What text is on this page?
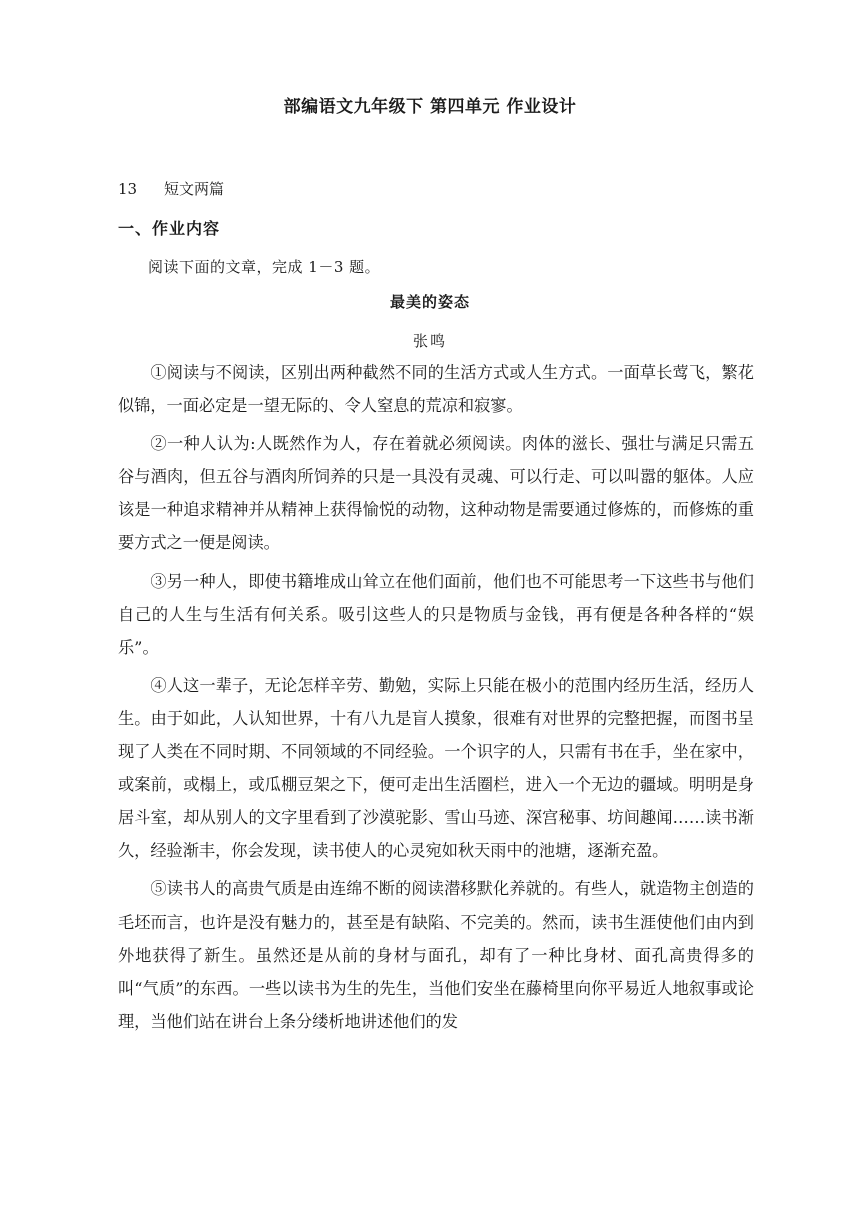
部编语文九年级下 第四单元 作业设计
13 短文两篇
一、作业内容

阅读下面的文章，完成 1－3 题。

最美的姿态

张鸣

①阅读与不阅读，区别出两种截然不同的生活方式或人生方式。一面草长莺飞，繁花似锦，一面必定是一望无际的、令人窒息的荒凉和寂寥。

②一种人认为:人既然作为人，存在着就必须阅读。肉体的滋长、强壮与满足只需五谷与酒肉，但五谷与酒肉所饲养的只是一具没有灵魂、可以行走、可以叫嚣的躯体。人应该是一种追求精神并从精神上获得愉悦的动物，这种动物是需要通过修炼的，而修炼的重要方式之一便是阅读。

③另一种人，即使书籍堆成山耸立在他们面前，他们也不可能思考一下这些书与他们自己的人生与生活有何关系。吸引这些人的只是物质与金钱，再有便是各种各样的“娱乐”。

④人这一辈子，无论怎样辛劳、勤勉，实际上只能在极小的范围内经历生活，经历人生。由于如此，人认知世界，十有八九是盲人摸象，很难有对世界的完整把握，而图书呈现了人类在不同时期、不同领域的不同经验。一个识字的人，只需有书在手，坐在家中，或案前，或榻上，或瓜棚豆架之下，便可走出生活圈栏，进入一个无边的疆域。明明是身居斗室，却从别人的文字里看到了沙漠驼影、雪山马迹、深宫秘事、坊间趣闻……读书渐久，经验渐丰，你会发现，读书使人的心灵宛如秋天雨中的池塘，逐渐充盈。

⑤读书人的高贵气质是由连绵不断的阅读潜移默化养就的。有些人，就造物主创造的毛坯而言，也许是没有魅力的，甚至是有缺陷、不完美的。然而，读书生涯使他们由内到外地获得了新生。虽然还是从前的身材与面孔，却有了一种比身材、面孔高贵得多的叫“气质”的东西。一些以读书为生的先生，当他们安坐在藤椅里向你平易近人地叙事或论理，当他们站在讲台上条分缕析地讲述他们的发
